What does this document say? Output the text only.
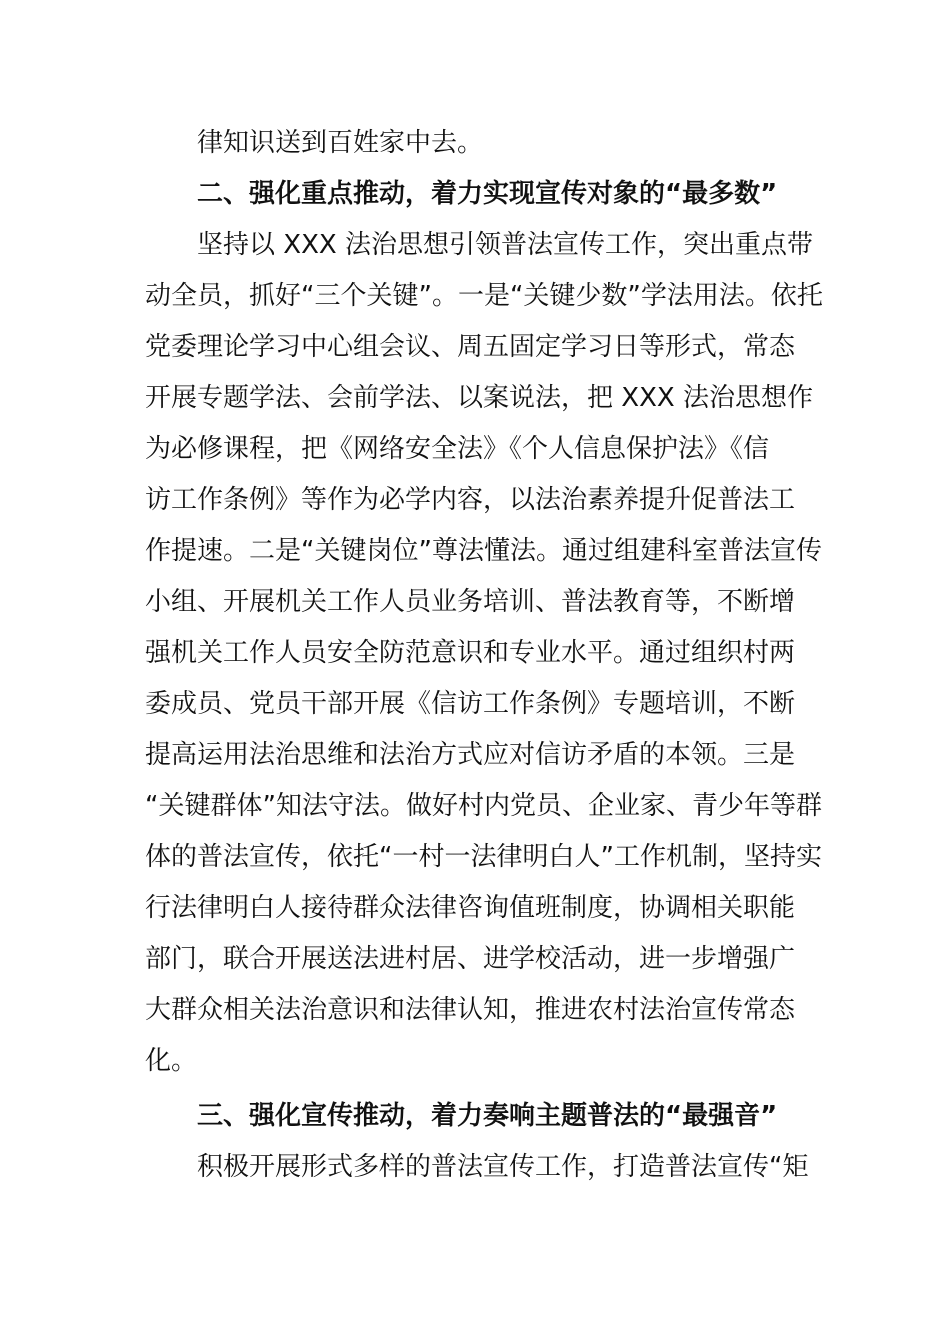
律知识送到百姓家中去。
二、强化重点推动，着力实现宣传对象的“最多数”
坚持以 XXX 法治思想引领普法宣传工作，突出重点带
动全员，抓好“三个关键”。一是“关键少数”学法用法。依托
党委理论学习中心组会议、周五固定学习日等形式，常态
开展专题学法、会前学法、以案说法，把 XXX 法治思想作
为必修课程，把《网络安全法》《个人信息保护法》《信
访工作条例》等作为必学内容，以法治素养提升促普法工
作提速。二是“关键岗位”尊法懂法。通过组建科室普法宣传
小组、开展机关工作人员业务培训、普法教育等，不断增
强机关工作人员安全防范意识和专业水平。通过组织村两
委成员、党员干部开展《信访工作条例》专题培训，不断
提高运用法治思维和法治方式应对信访矛盾的本领。三是
“关键群体”知法守法。做好村内党员、企业家、青少年等群
体的普法宣传，依托“一村一法律明白人”工作机制，坚持实
行法律明白人接待群众法律咨询值班制度，协调相关职能
部门，联合开展送法进村居、进学校活动，进一步增强广
大群众相关法治意识和法律认知，推进农村法治宣传常态
化。
三、强化宣传推动，着力奏响主题普法的“最强音”
积极开展形式多样的普法宣传工作，打造普法宣传“矩
